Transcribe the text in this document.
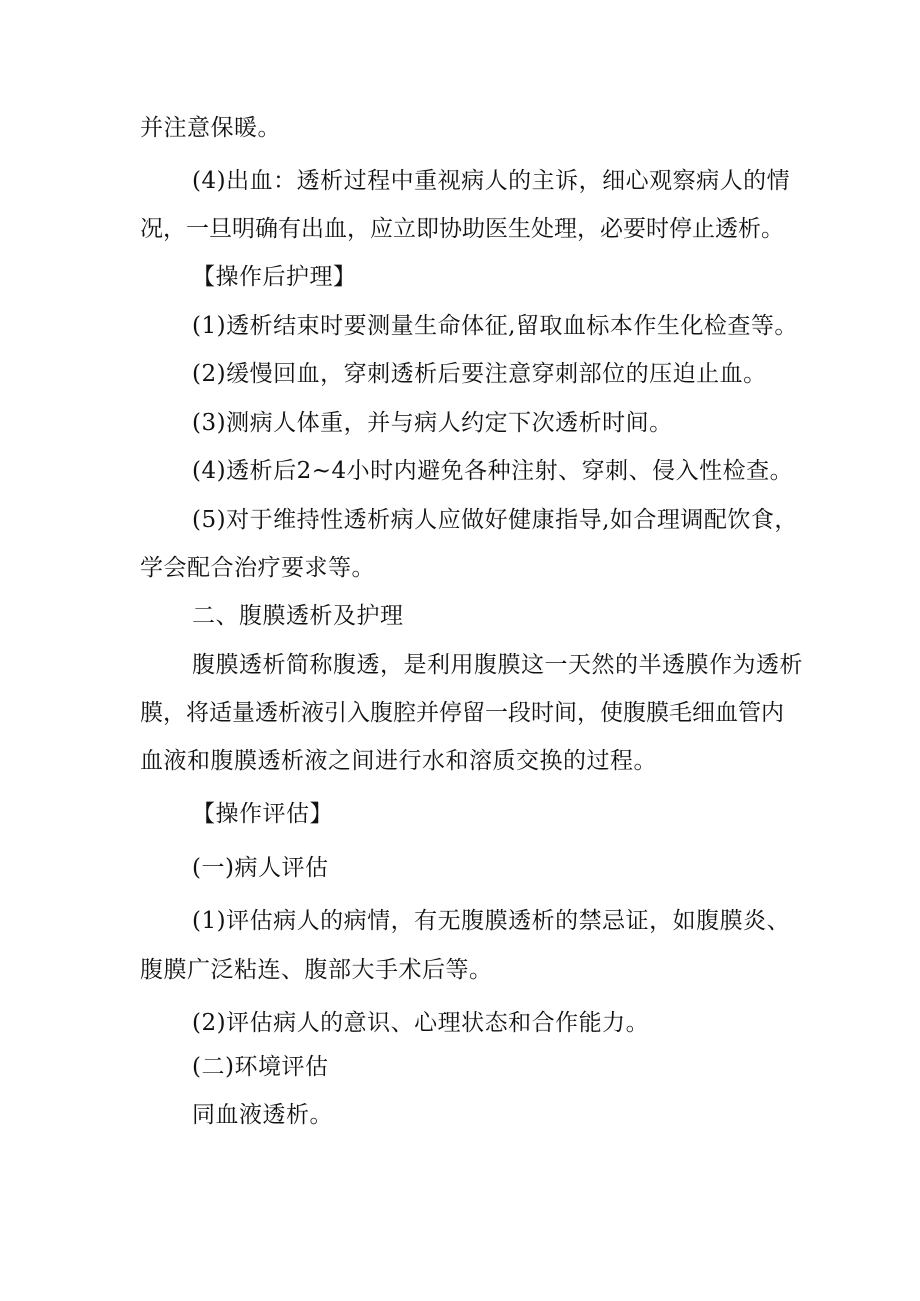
并注意保暖。
(4)出血：透析过程中重视病人的主诉，细心观察病人的情
况，一旦明确有出血，应立即协助医生处理，必要时停止透析。
【操作后护理】
(1)透析结束时要测量生命体征,留取血标本作生化检查等。
(2)缓慢回血，穿刺透析后要注意穿刺部位的压迫止血。
(3)测病人体重，并与病人约定下次透析时间。
(4)透析后2~4小时内避免各种注射、穿刺、侵入性检查。
(5)对于维持性透析病人应做好健康指导,如合理调配饮食，
学会配合治疗要求等。
二、腹膜透析及护理
腹膜透析简称腹透，是利用腹膜这一天然的半透膜作为透析
膜，将适量透析液引入腹腔并停留一段时间，使腹膜毛细血管内
血液和腹膜透析液之间进行水和溶质交换的过程。
【操作评估】
(一)病人评估
(1)评估病人的病情，有无腹膜透析的禁忌证，如腹膜炎、
腹膜广泛粘连、腹部大手术后等。
(2)评估病人的意识、心理状态和合作能力。
(二)环境评估
同血液透析。
